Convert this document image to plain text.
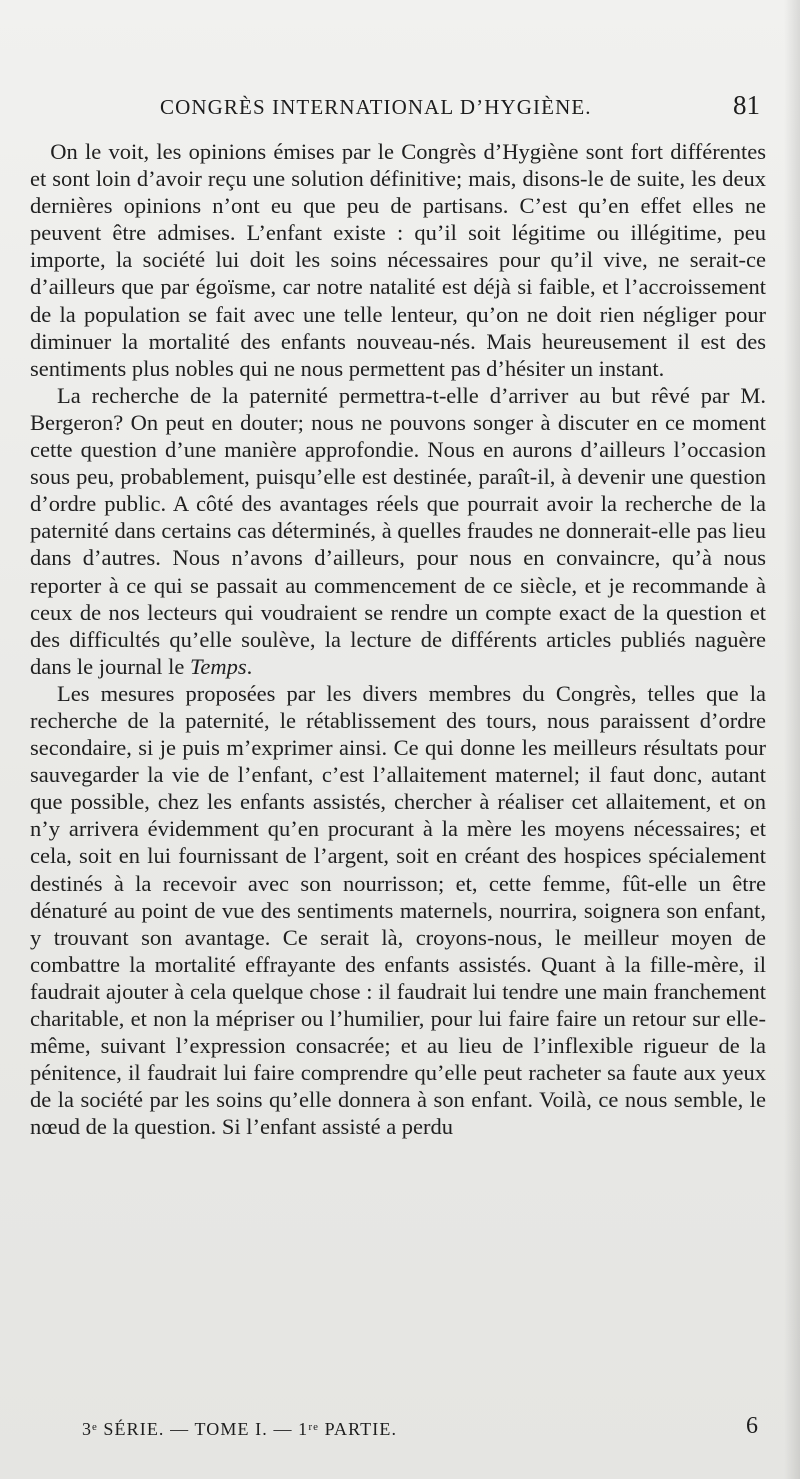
CONGRÈS INTERNATIONAL D’HYGIÈNE.	81

On le voit, les opinions émises par le Congrès d’Hygiène sont fort différentes et sont loin d’avoir reçu une solution définitive; mais, disons-le de suite, les deux dernières opinions n’ont eu que peu de partisans. C’est qu’en effet elles ne peuvent être admises. L’enfant existe : qu’il soit légitime ou illégitime, peu importe, la société lui doit les soins nécessaires pour qu’il vive, ne serait-ce d’ailleurs que par égoïsme, car notre natalité est déjà si faible, et l’accroissement de la population se fait avec une telle lenteur, qu’on ne doit rien négliger pour diminuer la mortalité des enfants nouveau-nés. Mais heureusement il est des sentiments plus nobles qui ne nous permettent pas d’hésiter un instant.

La recherche de la paternité permettra-t-elle d’arriver au but rêvé par M. Bergeron? On peut en douter; nous ne pouvons songer à discuter en ce moment cette question d’une manière approfondie. Nous en aurons d’ailleurs l’occasion sous peu, probablement, puisqu’elle est destinée, paraît-il, à devenir une question d’ordre public. A côté des avantages réels que pourrait avoir la recherche de la paternité dans certains cas déterminés, à quelles fraudes ne donnerait-elle pas lieu dans d’autres. Nous n’avons d’ailleurs, pour nous en convaincre, qu’à nous reporter à ce qui se passait au commencement de ce siècle, et je recommande à ceux de nos lecteurs qui voudraient se rendre un compte exact de la question et des difficultés qu’elle soulève, la lecture de différents articles publiés naguère dans le journal le Temps.

Les mesures proposées par les divers membres du Congrès, telles que la recherche de la paternité, le rétablissement des tours, nous paraissent d’ordre secondaire, si je puis m’exprimer ainsi. Ce qui donne les meilleurs résultats pour sauvegarder la vie de l’enfant, c’est l’allaitement maternel; il faut donc, autant que possible, chez les enfants assistés, chercher à réaliser cet allaitement, et on n’y arrivera évidemment qu’en procurant à la mère les moyens nécessaires; et cela, soit en lui fournissant de l’argent, soit en créant des hospices spécialement destinés à la recevoir avec son nourrisson; et, cette femme, fût-elle un être dénaturé au point de vue des sentiments maternels, nourrira, soignera son enfant, y trouvant son avantage. Ce serait là, croyons-nous, le meilleur moyen de combattre la mortalité effrayante des enfants assistés. Quant à la fille-mère, il faudrait ajouter à cela quelque chose : il faudrait lui tendre une main franchement charitable, et non la mépriser ou l’humilier, pour lui faire faire un retour sur elle-même, suivant l’expression consacrée; et au lieu de l’inflexible rigueur de la pénitence, il faudrait lui faire comprendre qu’elle peut racheter sa faute aux yeux de la société par les soins qu’elle donnera à son enfant. Voilà, ce nous semble, le nœud de la question. Si l’enfant assisté a perdu

3ᵉ SÉRIE. — TOME I. — 1ʳᵉ PARTIE.	6
